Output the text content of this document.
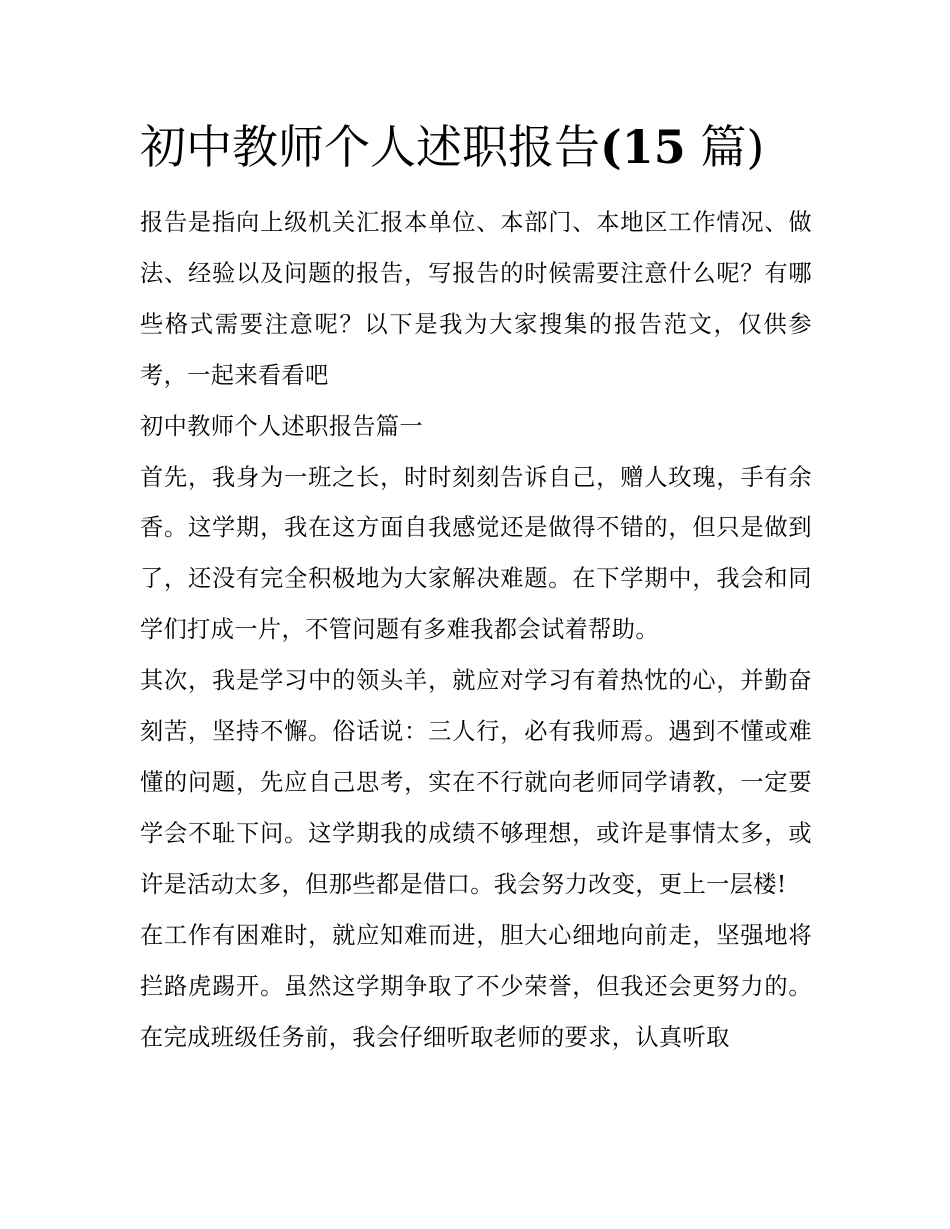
初中教师个人述职报告(15 篇)

报告是指向上级机关汇报本单位、本部门、本地区工作情况、做法、经验以及问题的报告，写报告的时候需要注意什么呢？有哪些格式需要注意呢？以下是我为大家搜集的报告范文，仅供参考，一起来看看吧

初中教师个人述职报告篇一

首先，我身为一班之长，时时刻刻告诉自己，赠人玫瑰，手有余香。这学期，我在这方面自我感觉还是做得不错的，但只是做到了，还没有完全积极地为大家解决难题。在下学期中，我会和同学们打成一片，不管问题有多难我都会试着帮助。

其次，我是学习中的领头羊，就应对学习有着热忱的心，并勤奋刻苦，坚持不懈。俗话说：三人行，必有我师焉。遇到不懂或难懂的问题，先应自己思考，实在不行就向老师同学请教，一定要学会不耻下问。这学期我的成绩不够理想，或许是事情太多，或许是活动太多，但那些都是借口。我会努力改变，更上一层楼!

在工作有困难时，就应知难而进，胆大心细地向前走，坚强地将拦路虎踢开。虽然这学期争取了不少荣誉，但我还会更努力的。在完成班级任务前，我会仔细听取老师的要求，认真听取
